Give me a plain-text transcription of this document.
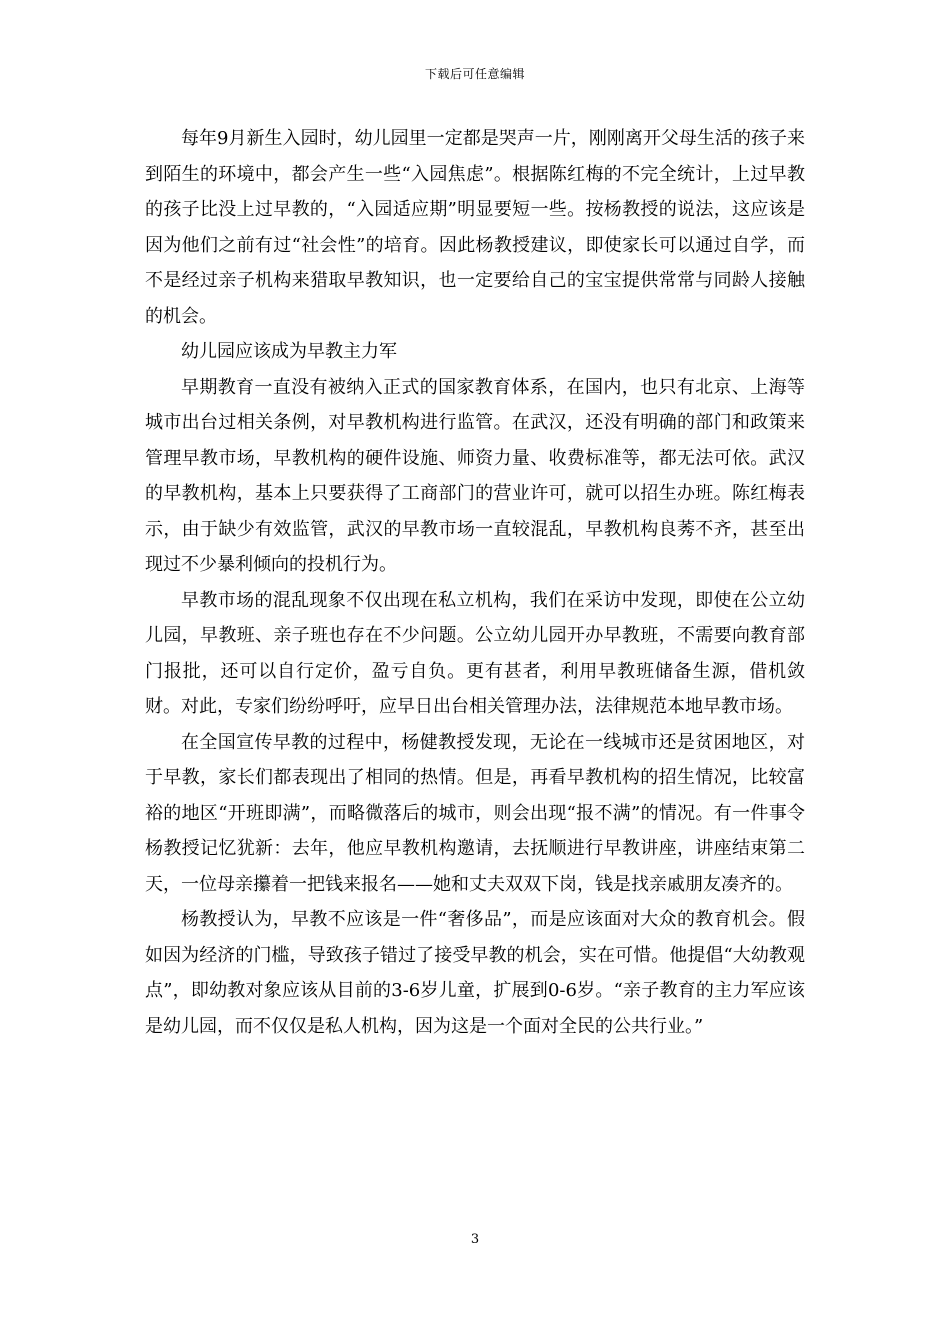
下载后可任意编辑

每年9月新生入园时，幼儿园里一定都是哭声一片，刚刚离开父母生活的孩子来到陌生的环境中，都会产生一些“入园焦虑”。根据陈红梅的不完全统计，上过早教的孩子比没上过早教的，“入园适应期”明显要短一些。按杨教授的说法，这应该是因为他们之前有过“社会性”的培育。因此杨教授建议，即使家长可以通过自学，而不是经过亲子机构来猎取早教知识，也一定要给自己的宝宝提供常常与同龄人接触的机会。

幼儿园应该成为早教主力军

早期教育一直没有被纳入正式的国家教育体系，在国内，也只有北京、上海等城市出台过相关条例，对早教机构进行监管。在武汉，还没有明确的部门和政策来管理早教市场，早教机构的硬件设施、师资力量、收费标准等，都无法可依。武汉的早教机构，基本上只要获得了工商部门的营业许可，就可以招生办班。陈红梅表示，由于缺少有效监管，武汉的早教市场一直较混乱，早教机构良莠不齐，甚至出现过不少暴利倾向的投机行为。

早教市场的混乱现象不仅出现在私立机构，我们在采访中发现，即使在公立幼儿园，早教班、亲子班也存在不少问题。公立幼儿园开办早教班，不需要向教育部门报批，还可以自行定价，盈亏自负。更有甚者，利用早教班储备生源，借机敛财。对此，专家们纷纷呼吁，应早日出台相关管理办法，法律规范本地早教市场。

在全国宣传早教的过程中，杨健教授发现，无论在一线城市还是贫困地区，对于早教，家长们都表现出了相同的热情。但是，再看早教机构的招生情况，比较富裕的地区“开班即满”，而略微落后的城市，则会出现“报不满”的情况。有一件事令杨教授记忆犹新：去年，他应早教机构邀请，去抚顺进行早教讲座，讲座结束第二天，一位母亲攥着一把钱来报名——她和丈夫双双下岗，钱是找亲戚朋友凑齐的。

杨教授认为，早教不应该是一件“奢侈品”，而是应该面对大众的教育机会。假如因为经济的门槛，导致孩子错过了接受早教的机会，实在可惜。他提倡“大幼教观点”，即幼教对象应该从目前的3-6岁儿童，扩展到0-6岁。“亲子教育的主力军应该是幼儿园，而不仅仅是私人机构，因为这是一个面对全民的公共行业。”

3
